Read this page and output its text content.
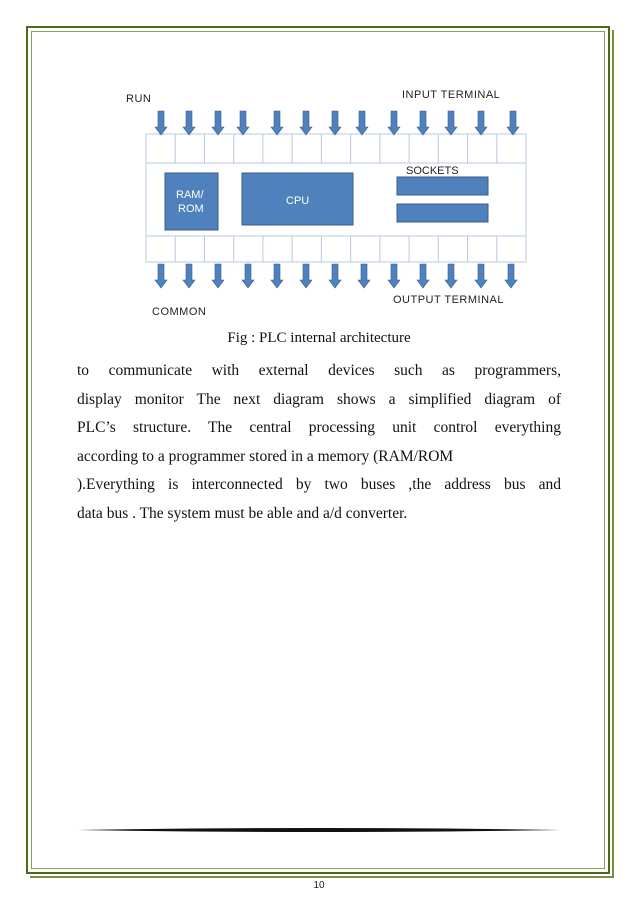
RUN	INPUT TERMINAL
SOCKETS
RAM/
ROM
CPU
COMMON
OUTPUT TERMINAL
Fig : PLC internal architecture
to communicate with external devices such as programmers,
display monitor The next diagram shows a simplified diagram of
PLC’s structure. The central processing unit control everything
according to a programmer stored in a memory (RAM/ROM
).Everything is interconnected by two buses ,the address bus and
data bus . The system must be able and a/d converter.
10
